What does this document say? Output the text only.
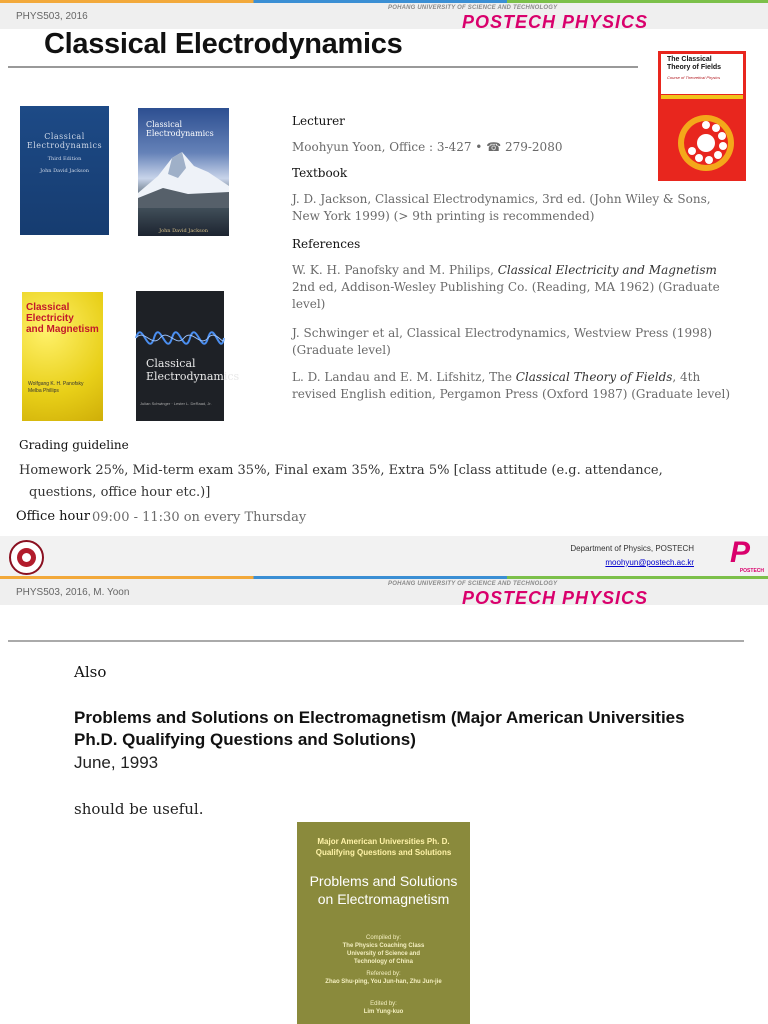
PHYS503, 2016
POHANG UNIVERSITY OF SCIENCE AND TECHNOLOGY
POSTECH PHYSICS
Classical Electrodynamics
Classical
Electrodynamics
Third Edition
John David Jackson
Classical
Electrodynamics
John David Jackson
Classical
Electricity
and Magnetism
Wolfgang K. H. Panofsky
Melba Phillips
Classical
Electrodynamics
Julian Schwinger · Lester L. DeRaad, Jr.
The Classical
Theory of Fields
Course of Theoretical Physics
Lecturer
Moohyun Yoon, Office : 3-427 • ☎ 279-2080
Textbook
J. D. Jackson, Classical Electrodynamics, 3rd ed. (John Wiley & Sons, New York 1999) (> 9th printing is recommended)
References
W. K. H. Panofsky and M. Philips, Classical Electricity and Magnetism 2nd ed, Addison-Wesley Publishing Co. (Reading, MA 1962) (Graduate level)
J. Schwinger et al, Classical Electrodynamics, Westview Press (1998) (Graduate level)
L. D. Landau and E. M. Lifshitz, The Classical Theory of Fields, 4th revised English edition, Pergamon Press (Oxford 1987) (Graduate level)
Grading guideline
Homework 25%, Mid-term exam 35%, Final exam 35%, Extra 5% [class attitude (e.g. attendance,
questions, office hour etc.)]
Office hour 09:00 - 11:30 on every Thursday
Department of Physics, POSTECH
moohyun@postech.ac.kr P
POSTECH
PHYS503, 2016, M. Yoon
POHANG UNIVERSITY OF SCIENCE AND TECHNOLOGY
POSTECH PHYSICS
Also
Problems and Solutions on Electromagnetism (Major American Universities Ph.D. Qualifying Questions and Solutions)
June, 1993
should be useful.
Major American Universities Ph. D.
Qualifying Questions and Solutions
Problems and Solutions
on Electromagnetism
Compiled by:
The Physics Coaching Class
University of Science and
Technology of China
Refereed by:
Zhao Shu-ping, You Jun-han, Zhu Jun-jie
Edited by:
Lim Yung-kuo
